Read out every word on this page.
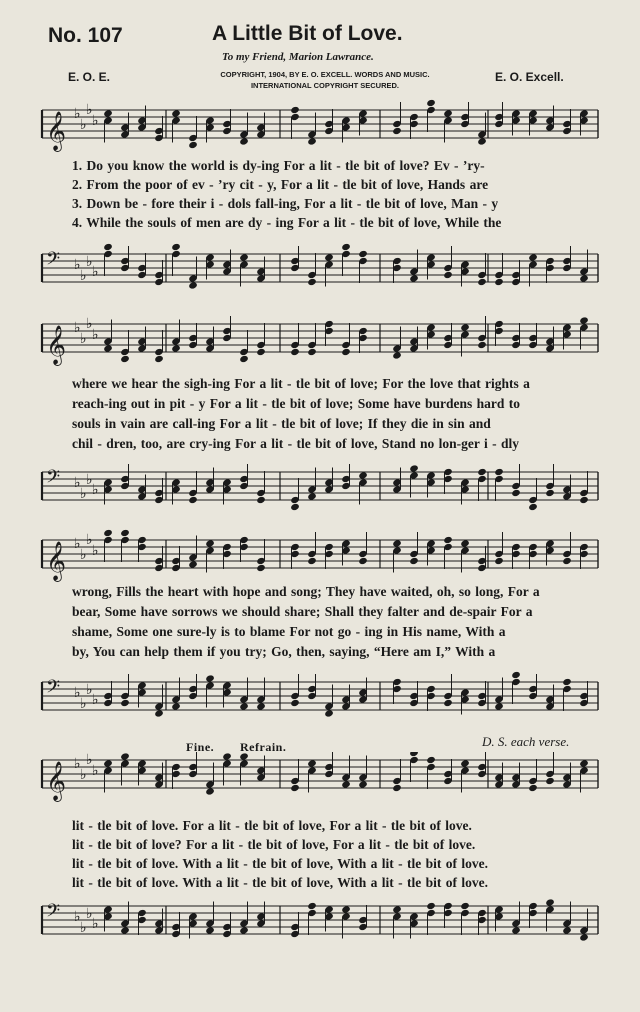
No. 107	A Little Bit of Love.
To my Friend, Marion Lawrance.
E. O. E.	COPYRIGHT, 1904, BY E. O. EXCELL. WORDS AND MUSIC.
INTERNATIONAL COPYRIGHT SECURED.
E. O. Excell.
𝄞 ♭
♭
♭
♭
1. Do you know the world is dy-ing For a lit - tle bit of love? Ev - ’ry-
2. From the poor of ev - ’ry cit - y, For a lit - tle bit of love, Hands are
3. Down be - fore their i - dols fall-ing, For a lit - tle bit of love, Man - y
4. While the souls of men are dy - ing For a lit - tle bit of love, While the
𝄢 ♭
♭
♭
♭
𝄞 ♭
♭
♭
♭
where we hear the sigh-ing For a lit - tle bit of love; For the love that rights a
reach-ing out in pit - y For a lit - tle bit of love; Some have burdens hard to
souls in vain are call-ing For a lit - tle bit of love; If they die in sin and
chil - dren, too, are cry-ing For a lit - tle bit of love, Stand no lon-ger i - dly
𝄢 ♭
♭
♭
♭
𝄞 ♭
♭
♭
♭
wrong, Fills the heart with hope and song; They have waited, oh, so long, For a
bear, Some have sorrows we should share; Shall they falter and de-spair For a
shame, Some one sure-ly is to blame For not go - ing in His name, With a
by, You can help them if you try; Go, then, saying, “Here am I,” With a
𝄢 ♭
♭
♭
♭
Fine. Refrain.	D. S. each verse.
𝄞 ♭
♭
♭
♭
lit - tle bit of love. For a lit - tle bit of love, For a lit - tle bit of love.
lit - tle bit of love? For a lit - tle bit of love, For a lit - tle bit of love.
lit - tle bit of love. With a lit - tle bit of love, With a lit - tle bit of love.
lit - tle bit of love. With a lit - tle bit of love, With a lit - tle bit of love.
𝄢 ♭
♭
♭
♭
